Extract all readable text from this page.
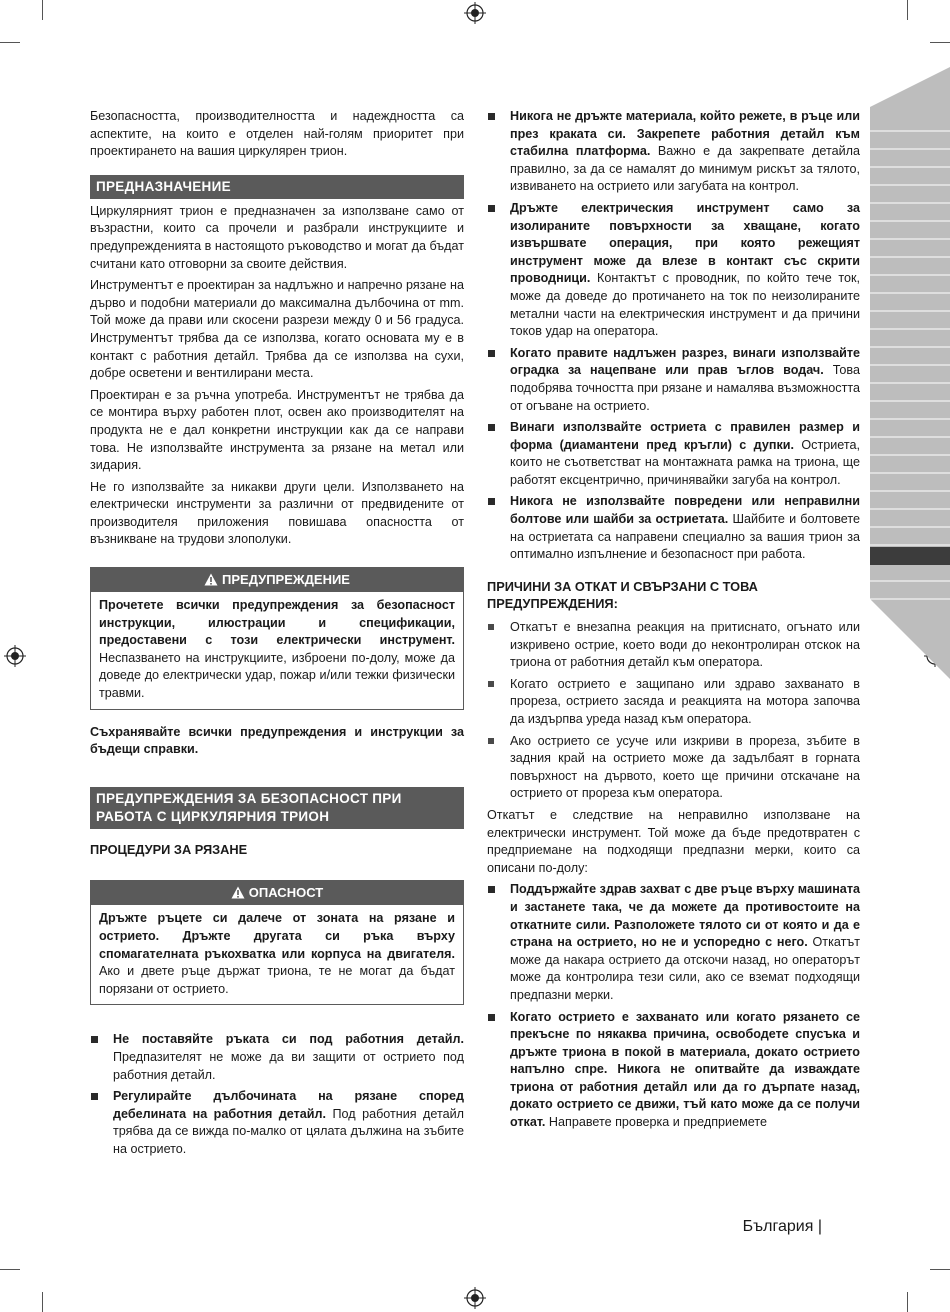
Безопасността, производителността и надеждността са аспектите, на които е отделен най-голям приоритет при проектирането на вашия циркулярен трион.

ПРЕДНАЗНАЧЕНИЕ

Циркулярният трион е предназначен за използване само от възрастни, които са прочели и разбрали инструкциите и предупрежденията в настоящото ръководство и могат да бъдат считани като отговорни за своите действия.

Инструментът е проектиран за надлъжно и напречно рязане на дърво и подобни материали до максимална дълбочина от mm. Той може да прави или скосени разрези между 0 и 56 градуса. Инструментът трябва да се използва, когато основата му е в контакт с работния детайл. Трябва да се използва на сухи, добре осветени и вентилирани места.

Проектиран е за ръчна употреба. Инструментът не трябва да се монтира върху работен плот, освен ако производителят на продукта не е дал конкретни инструкции как да се направи това. Не използвайте инструмента за рязане на метал или зидария.

Не го използвайте за никакви други цели. Използването на електрически инструменти за различни от предвидените от производителя приложения повишава опасността от възникване на трудови злополуки.

ПРЕДУПРЕЖДЕНИЕ
Прочетете всички предупреждения за безопасност инструкции, илюстрации и спецификации, предоставени с този електрически инструмент. Неспазването на инструкциите, изброени по-долу, може да доведе до електрически удар, пожар и/или тежки физически травми.

Съхранявайте всички предупреждения и инструкции за бъдещи справки.

ПРЕДУПРЕЖДЕНИЯ ЗА БЕЗОПАСНОСТ ПРИ РАБОТА С ЦИРКУЛЯРНИЯ ТРИОН
ПРОЦЕДУРИ ЗА РЯЗАНЕ
ОПАСНОСТ
Дръжте ръцете си далече от зоната на рязане и острието. Дръжте другата си ръка върху спомагателната ръкохватка или корпуса на двигателя. Ако и двете ръце държат триона, те не могат да бъдат порязани от острието.
Не поставяйте ръката си под работния детайл. Предпазителят не може да ви защити от острието под работния детайл.
Регулирайте дълбочината на рязане според дебелината на работния детайл. Под работния детайл трябва да се вижда по-малко от цялата дължина на зъбите на острието.
Никога не дръжте материала, който режете, в ръце или през краката си. Закрепете работния детайл към стабилна платформа. Важно е да закрепвате детайла правилно, за да се намалят до минимум рискът за тялото, извиването на острието или загубата на контрол.
Дръжте електрическия инструмент само за изолираните повърхности за хващане, когато извършвате операция, при която режещият инструмент може да влезе в контакт със скрити проводници. Контактът с проводник, по който тече ток, може да доведе до протичането на ток по неизолираните метални части на електрическия инструмент и да причини токов удар на оператора.
Когато правите надлъжен разрез, винаги използвайте оградка за нацепване или прав ъглов водач. Това подобрява точността при рязане и намалява възможността от огъване на острието.
Винаги използвайте остриета с правилен размер и форма (диамантени пред кръгли) с дупки. Остриета, които не съответстват на монтажната рамка на триона, ще работят ексцентрично, причинявайки загуба на контрол.
Никога не използвайте повредени или неправилни болтове или шайби за остриетата. Шайбите и болтовете на остриетата са направени специално за вашия трион за оптимално изпълнение и безопасност при работа.
ПРИЧИНИ ЗА ОТКАТ И СВЪРЗАНИ С ТОВА ПРЕДУПРЕЖДЕНИЯ:
Откатът е внезапна реакция на притиснато, огънато или изкривено острие, което води до неконтролиран отскок на триона от работния детайл към оператора.
Когато острието е защипано или здраво захванато в прореза, острието засяда и реакцията на мотора започва да издърпва уреда назад към оператора.
Ако острието се усуче или изкриви в прореза, зъбите в задния край на острието може да задълбаят в горната повърхност на дървото, което ще причини отскачане на острието от прореза към оператора.

Откатът е следствие на неправилно използване на електрически инструмент. Той може да бъде предотвратен с предприемане на подходящи предпазни мерки, които са описани по-долу:

Поддържайте здрав захват с две ръце върху машината и застанете така, че да можете да противостоите на откатните сили. Разположете тялото си от която и да е страна на острието, но не и успоредно с него. Откатът може да накара острието да отскочи назад, но операторът може да контролира тези сили, ако се вземат подходящи предпазни мерки.
Когато острието е захванато или когато рязането се прекъсне по някаква причина, освободете спусъка и дръжте триона в покой в материала, докато острието напълно спре. Никога не опитвайте да изваждате триона от работния детайл или да го дърпате назад, докато острието се движи, тъй като може да се получи откат. Направете проверка и предприемете
България |
